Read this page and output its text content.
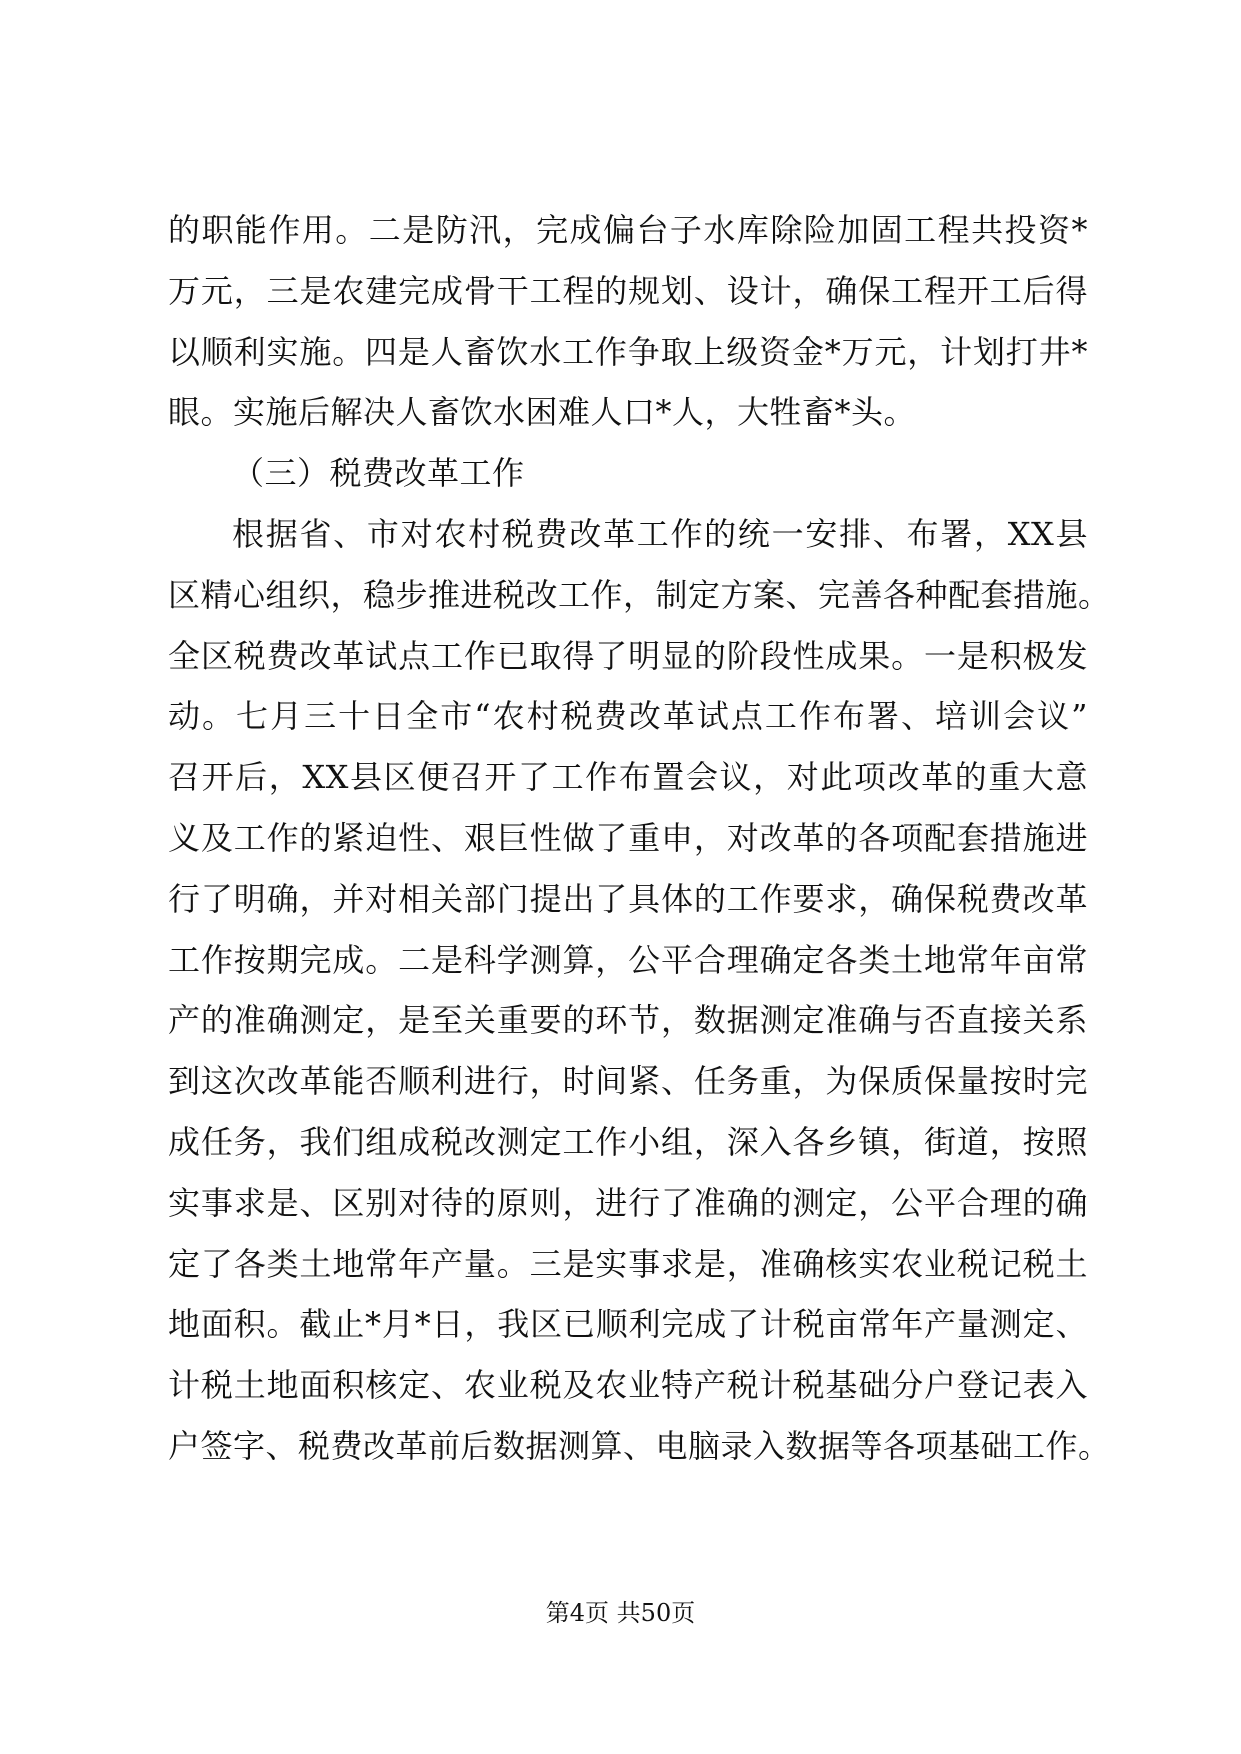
的职能作用。二是防汛，完成偏台子水库除险加固工程共投资*
万元，三是农建完成骨干工程的规划、设计，确保工程开工后得
以顺利实施。四是人畜饮水工作争取上级资金*万元，计划打井*
眼。实施后解决人畜饮水困难人口*人，大牲畜*头。
（三）税费改革工作
根据省、市对农村税费改革工作的统一安排、布署，XX县
区精心组织，稳步推进税改工作，制定方案、完善各种配套措施。
全区税费改革试点工作已取得了明显的阶段性成果。一是积极发
动。七月三十日全市“农村税费改革试点工作布署、培训会议”
召开后，XX县区便召开了工作布置会议，对此项改革的重大意
义及工作的紧迫性、艰巨性做了重申，对改革的各项配套措施进
行了明确，并对相关部门提出了具体的工作要求，确保税费改革
工作按期完成。二是科学测算，公平合理确定各类土地常年亩常
产的准确测定，是至关重要的环节，数据测定准确与否直接关系
到这次改革能否顺利进行，时间紧、任务重，为保质保量按时完
成任务，我们组成税改测定工作小组，深入各乡镇，街道，按照
实事求是、区别对待的原则，进行了准确的测定，公平合理的确
定了各类土地常年产量。三是实事求是，准确核实农业税记税土
地面积。截止*月*日，我区已顺利完成了计税亩常年产量测定、
计税土地面积核定、农业税及农业特产税计税基础分户登记表入
户签字、税费改革前后数据测算、电脑录入数据等各项基础工作。
第4页 共50页
